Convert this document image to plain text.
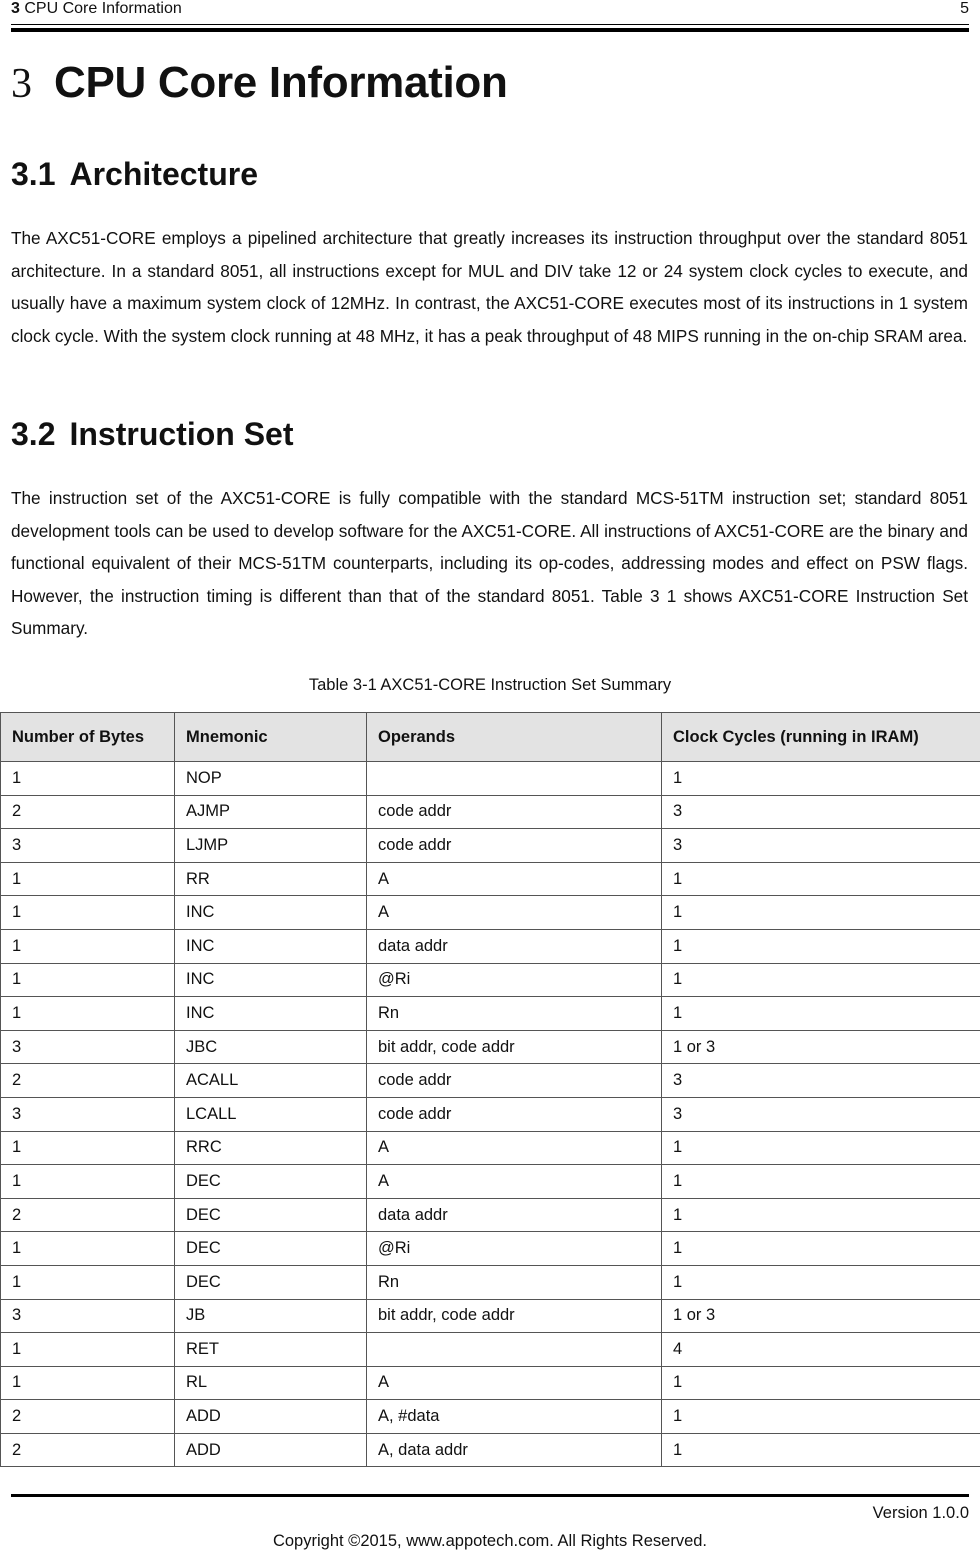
3 CPU Core Information	5
3 CPU Core Information
3.1 Architecture

The AXC51-CORE employs a pipelined architecture that greatly increases its instruction throughput over the standard 8051 architecture. In a standard 8051, all instructions except for MUL and DIV take 12 or 24 system clock cycles to execute, and usually have a maximum system clock of 12MHz. In contrast, the AXC51-CORE executes most of its instructions in 1 system clock cycle. With the system clock running at 48 MHz, it has a peak throughput of 48 MIPS running in the on-chip SRAM area.

3.2 Instruction Set

The instruction set of the AXC51-CORE is fully compatible with the standard MCS-51TM instruction set; standard 8051 development tools can be used to develop software for the AXC51-CORE. All instructions of AXC51-CORE are the binary and functional equivalent of their MCS-51TM counterparts, including its op-codes, addressing modes and effect on PSW flags. However, the instruction timing is different than that of the standard 8051. Table 3 1 shows AXC51-CORE Instruction Set Summary.

Table 3-1 AXC51-CORE Instruction Set Summary
Number of Bytes	Mnemonic	Operands	Clock Cycles (running in IRAM)
1	NOP		1
2	AJMP	code addr	3
3	LJMP	code addr	3
1	RR	A	1
1	INC	A	1
1	INC	data addr	1
1	INC	@Ri	1
1	INC	Rn	1
3	JBC	bit addr, code addr	1 or 3
2	ACALL	code addr	3
3	LCALL	code addr	3
1	RRC	A	1
1	DEC	A	1
2	DEC	data addr	1
1	DEC	@Ri	1
1	DEC	Rn	1
3	JB	bit addr, code addr	1 or 3
1	RET		4
1	RL	A	1
2	ADD	A, #data	1
2	ADD	A, data addr	1
Version 1.0.0
Copyright ©2015, www.appotech.com. All Rights Reserved.
